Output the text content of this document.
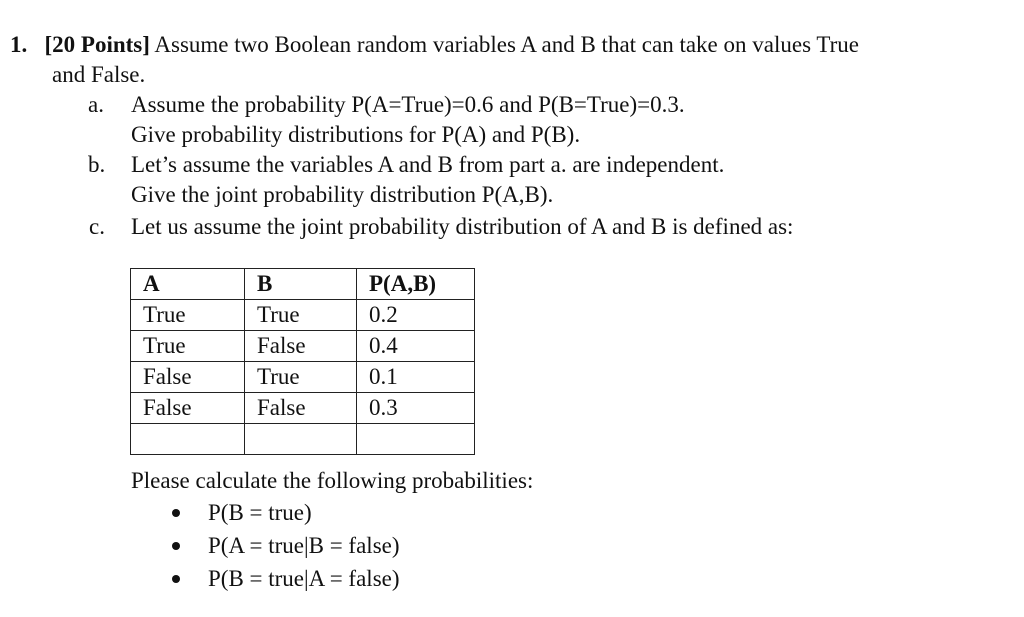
1. [20 Points] Assume two Boolean random variables A and B that can take on values True
and False.
a. Assume the probability P(A=True)=0.6 and P(B=True)=0.3.
Give probability distributions for P(A) and P(B).
b. Let’s assume the variables A and B from part a. are independent.
Give the joint probability distribution P(A,B).
c. Let us assume the joint probability distribution of A and B is defined as:
A	B	P(A,B)
True	True	0.2
True	False	0.4
False	True	0.1
False	False	0.3

Please calculate the following probabilities:
P(B = true)
P(A = true|B = false)
P(B = true|A = false)
